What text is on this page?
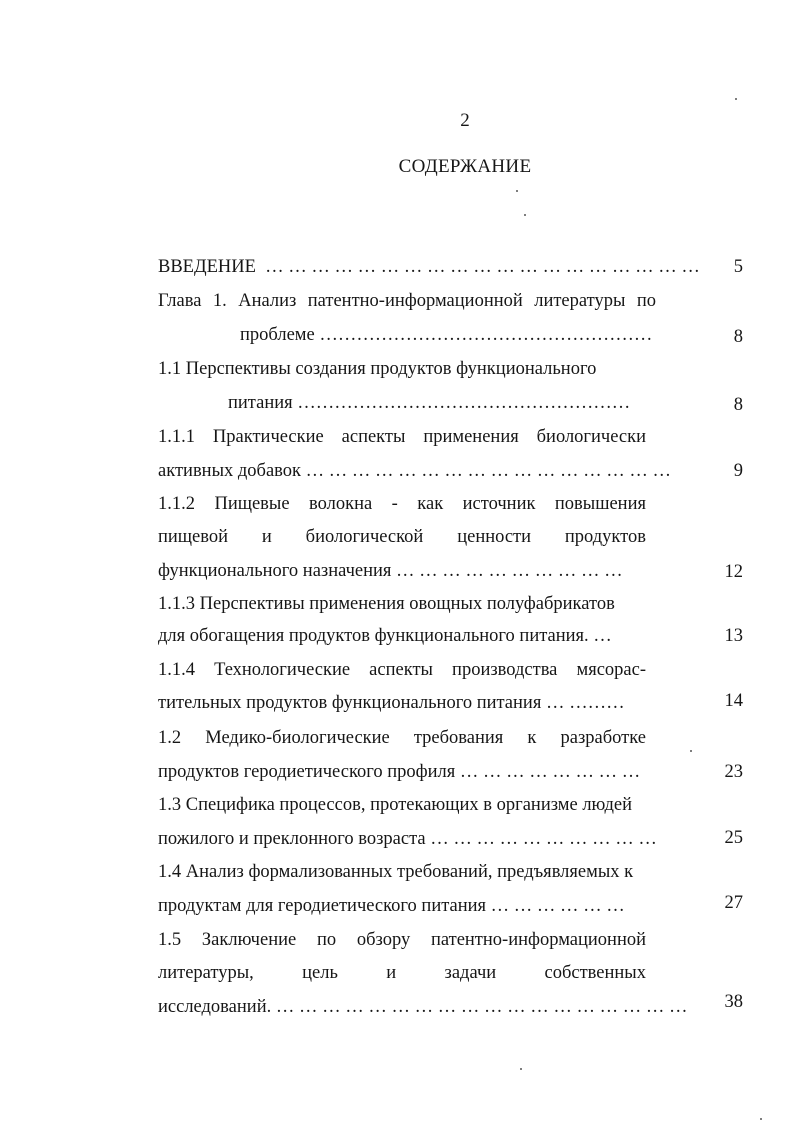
2
СОДЕРЖАНИЕ
ВВЕДЕНИЕ … … … … … … … … … … … … … … … … … … …	5
Глава 1. Анализ патентно-информационной литературы по
проблеме ………………………………………………	8
1.1 Перспективы создания продуктов функционального
питания ………………………………………………	8
1.1.1 Практические аспекты применения биологически
активных добавок … … … … … … … … … … … … … … … …	9
1.1.2 Пищевые волокна - как источник повышения
пищевой и биологической ценности продуктов
функционального назначения … … … … … … … … … …	12
1.1.3 Перспективы применения овощных полуфабрикатов
для обогащения продуктов функционального питания. …	13
1.1.4 Технологические аспекты производства мясорас-
тительных продуктов функционального питания … ………	14
1.2 Медико-биологические требования к разработке
продуктов геродиетического профиля … … … … … … … …	23
1.3 Специфика процессов, протекающих в организме людей
пожилого и преклонного возраста … … … … … … … … … …	25
1.4 Анализ формализованных требований, предъявляемых к
продуктам для геродиетического питания … … … … … …	27
1.5 Заключение по обзору патентно-информационной
литературы, цель и задачи собственных
исследований. … … … … … … … … … … … … … … … … … …	38
